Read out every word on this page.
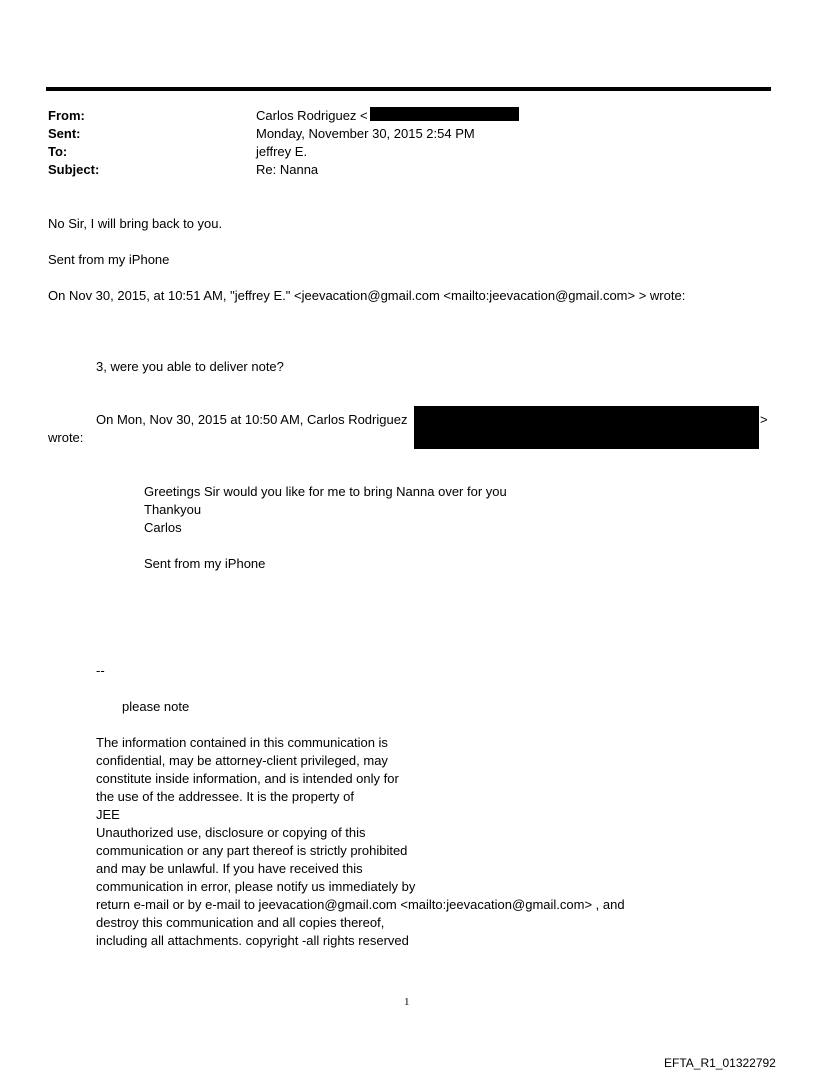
From:	Carlos Rodriguez <
Sent:	Monday, November 30, 2015 2:54 PM
To:	jeffrey E.
Subject:	Re: Nanna
No Sir, I will bring back to you.
Sent from my iPhone
On Nov 30, 2015, at 10:51 AM, "jeffrey E." <jeevacation@gmail.com <mailto:jeevacation@gmail.com> > wrote:
3, were you able to deliver note?
On Mon, Nov 30, 2015 at 10:50 AM, Carlos Rodriguez	>
wrote:
Greetings Sir would you like for me to bring Nanna over for you
Thankyou
Carlos
Sent from my iPhone
--
please note
The information contained in this communication is
confidential, may be attorney-client privileged, may
constitute inside information, and is intended only for
the use of the addressee. It is the property of
JEE
Unauthorized use, disclosure or copying of this
communication or any part thereof is strictly prohibited
and may be unlawful. If you have received this
communication in error, please notify us immediately by
return e-mail or by e-mail to jeevacation@gmail.com <mailto:jeevacation@gmail.com> , and
destroy this communication and all copies thereof,
including all attachments. copyright -all rights reserved
1
EFTA_R1_01322792
